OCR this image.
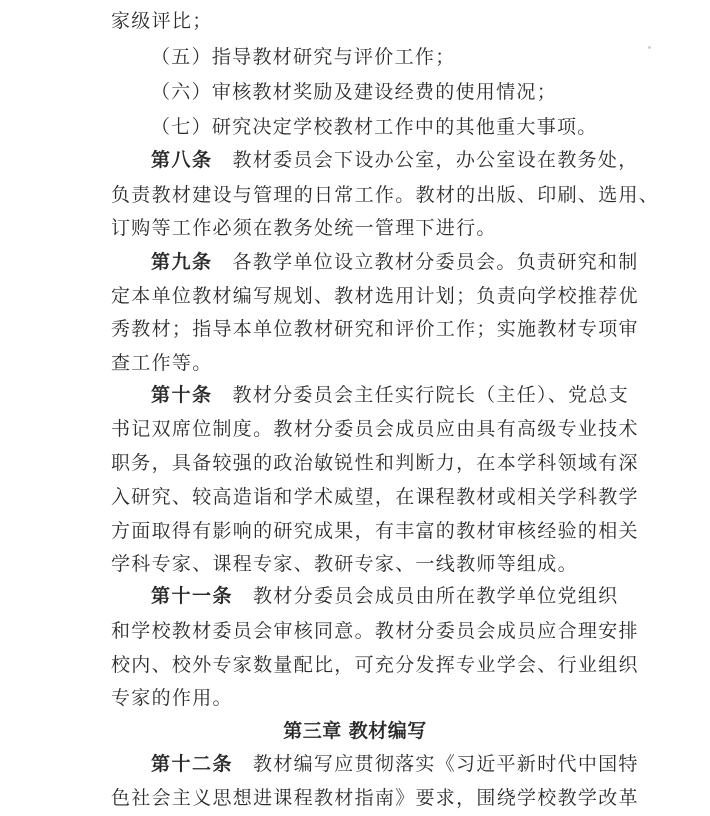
家级评比；
（五）指导教材研究与评价工作；
（六）审核教材奖励及建设经费的使用情况；
（七）研究决定学校教材工作中的其他重大事项。
第八条 教材委员会下设办公室，办公室设在教务处，
负责教材建设与管理的日常工作。教材的出版、印刷、选用、
订购等工作必须在教务处统一管理下进行。
第九条 各教学单位设立教材分委员会。负责研究和制
定本单位教材编写规划、教材选用计划；负责向学校推荐优
秀教材；指导本单位教材研究和评价工作；实施教材专项审
查工作等。
第十条 教材分委员会主任实行院长（主任）、党总支
书记双席位制度。教材分委员会成员应由具有高级专业技术
职务，具备较强的政治敏锐性和判断力，在本学科领域有深
入研究、较高造诣和学术威望，在课程教材或相关学科教学
方面取得有影响的研究成果，有丰富的教材审核经验的相关
学科专家、课程专家、教研专家、一线教师等组成。
第十一条 教材分委员会成员由所在教学单位党组织
和学校教材委员会审核同意。教材分委员会成员应合理安排
校内、校外专家数量配比，可充分发挥专业学会、行业组织
专家的作用。
第三章 教材编写
第十二条 教材编写应贯彻落实《习近平新时代中国特
色社会主义思想进课程教材指南》要求，围绕学校教学改革
